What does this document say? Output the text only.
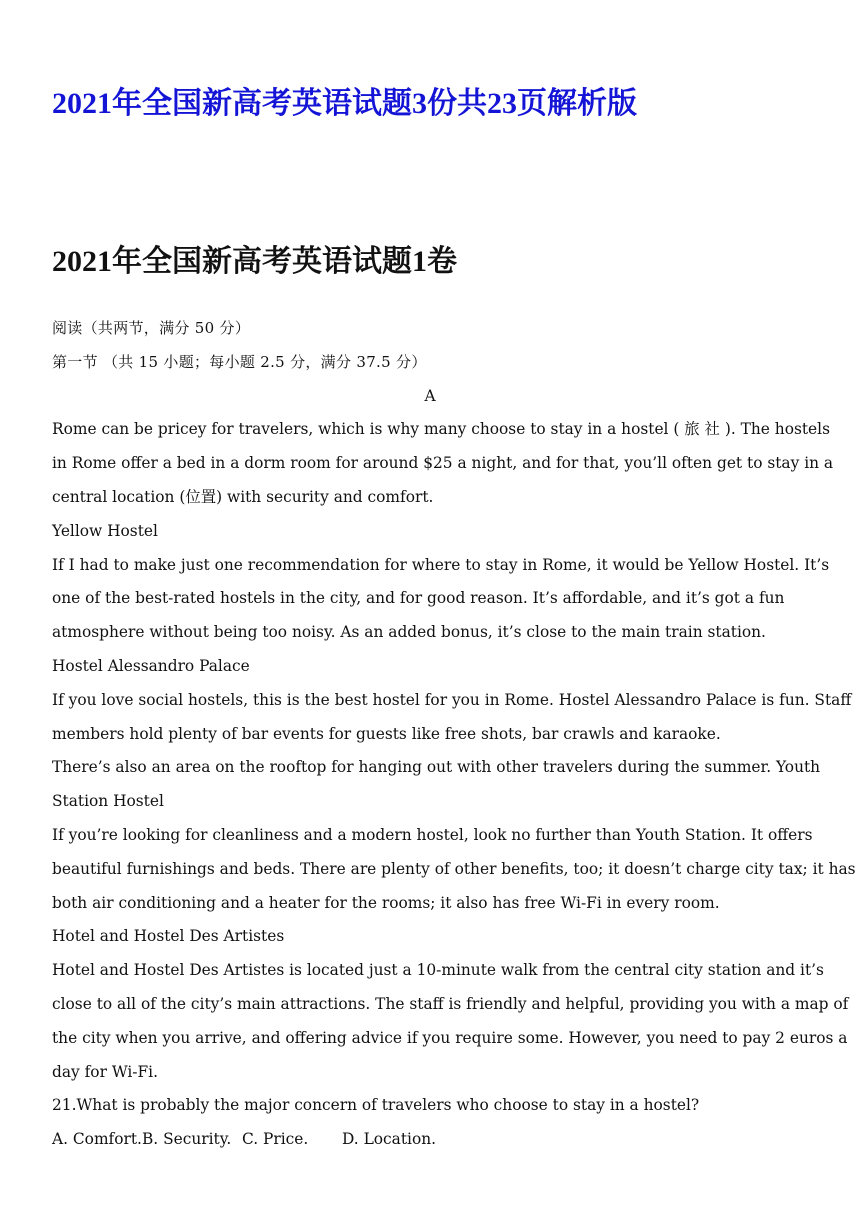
2021年全国新高考英语试题3份共23页解析版
2021年全国新高考英语试题1卷
阅读（共两节，满分 50 分）
第一节 （共 15 小题；每小题 2.5 分，满分 37.5 分）
A
Rome can be pricey for travelers, which is why many choose to stay in a hostel ( 旅 社 ). The hostels
in Rome offer a bed in a dorm room for around $25 a night, and for that, you’ll often get to stay in a
central location (位置) with security and comfort.
Yellow Hostel
If I had to make just one recommendation for where to stay in Rome, it would be Yellow Hostel. It’s
one of the best-rated hostels in the city, and for good reason. It’s affordable, and it’s got a fun
atmosphere without being too noisy. As an added bonus, it’s close to the main train station.
Hostel Alessandro Palace
If you love social hostels, this is the best hostel for you in Rome. Hostel Alessandro Palace is fun. Staff
members hold plenty of bar events for guests like free shots, bar crawls and karaoke.
There’s also an area on the rooftop for hanging out with other travelers during the summer. Youth
Station Hostel
If you’re looking for cleanliness and a modern hostel, look no further than Youth Station. It offers
beautiful furnishings and beds. There are plenty of other benefits, too; it doesn’t charge city tax; it has
both air conditioning and a heater for the rooms; it also has free Wi-Fi in every room.
Hotel and Hostel Des Artistes
Hotel and Hostel Des Artistes is located just a 10-minute walk from the central city station and it’s
close to all of the city’s main attractions. The staff is friendly and helpful, providing you with a map of
the city when you arrive, and offering advice if you require some. However, you need to pay 2 euros a
day for Wi-Fi.
21.What is probably the major concern of travelers who choose to stay in a hostel?
A. Comfort.B. Security. C. Price. D. Location.
